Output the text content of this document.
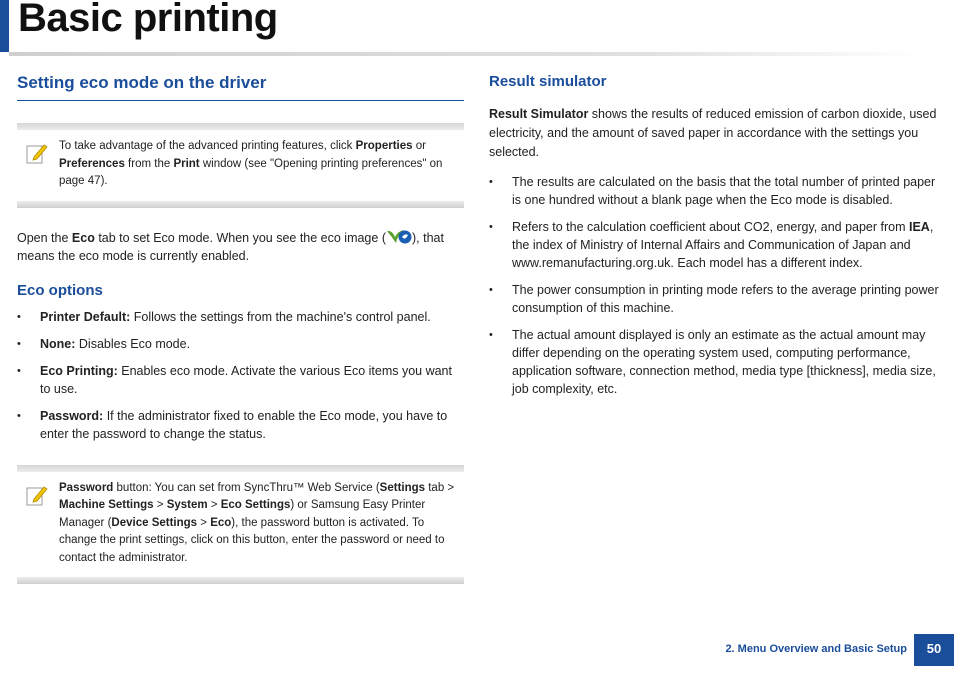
Basic printing
Setting eco mode on the driver
To take advantage of the advanced printing features, click Properties or Preferences from the Print window (see "Opening printing preferences" on page 47).

Open the Eco tab to set Eco mode. When you see the eco image ( ), that means the eco mode is currently enabled.

Eco options
• Printer Default: Follows the settings from the machine's control panel.
• None: Disables Eco mode.
• Eco Printing: Enables eco mode. Activate the various Eco items you want to use.
• Password: If the administrator fixed to enable the Eco mode, you have to enter the password to change the status.
Password button: You can set from SyncThru™ Web Service (Settings tab > Machine Settings > System > Eco Settings) or Samsung Easy Printer Manager (Device Settings > Eco), the password button is activated. To change the print settings, click on this button, enter the password or need to contact the administrator.
Result simulator

Result Simulator shows the results of reduced emission of carbon dioxide, used electricity, and the amount of saved paper in accordance with the settings you selected.

• The results are calculated on the basis that the total number of printed paper is one hundred without a blank page when the Eco mode is disabled.
• Refers to the calculation coefficient about CO2, energy, and paper from IEA, the index of Ministry of Internal Affairs and Communication of Japan and www.remanufacturing.org.uk. Each model has a different index.
• The power consumption in printing mode refers to the average printing power consumption of this machine.
• The actual amount displayed is only an estimate as the actual amount may differ depending on the operating system used, computing performance, application software, connection method, media type [thickness], media size, job complexity, etc.
2. Menu Overview and Basic Setup	50
